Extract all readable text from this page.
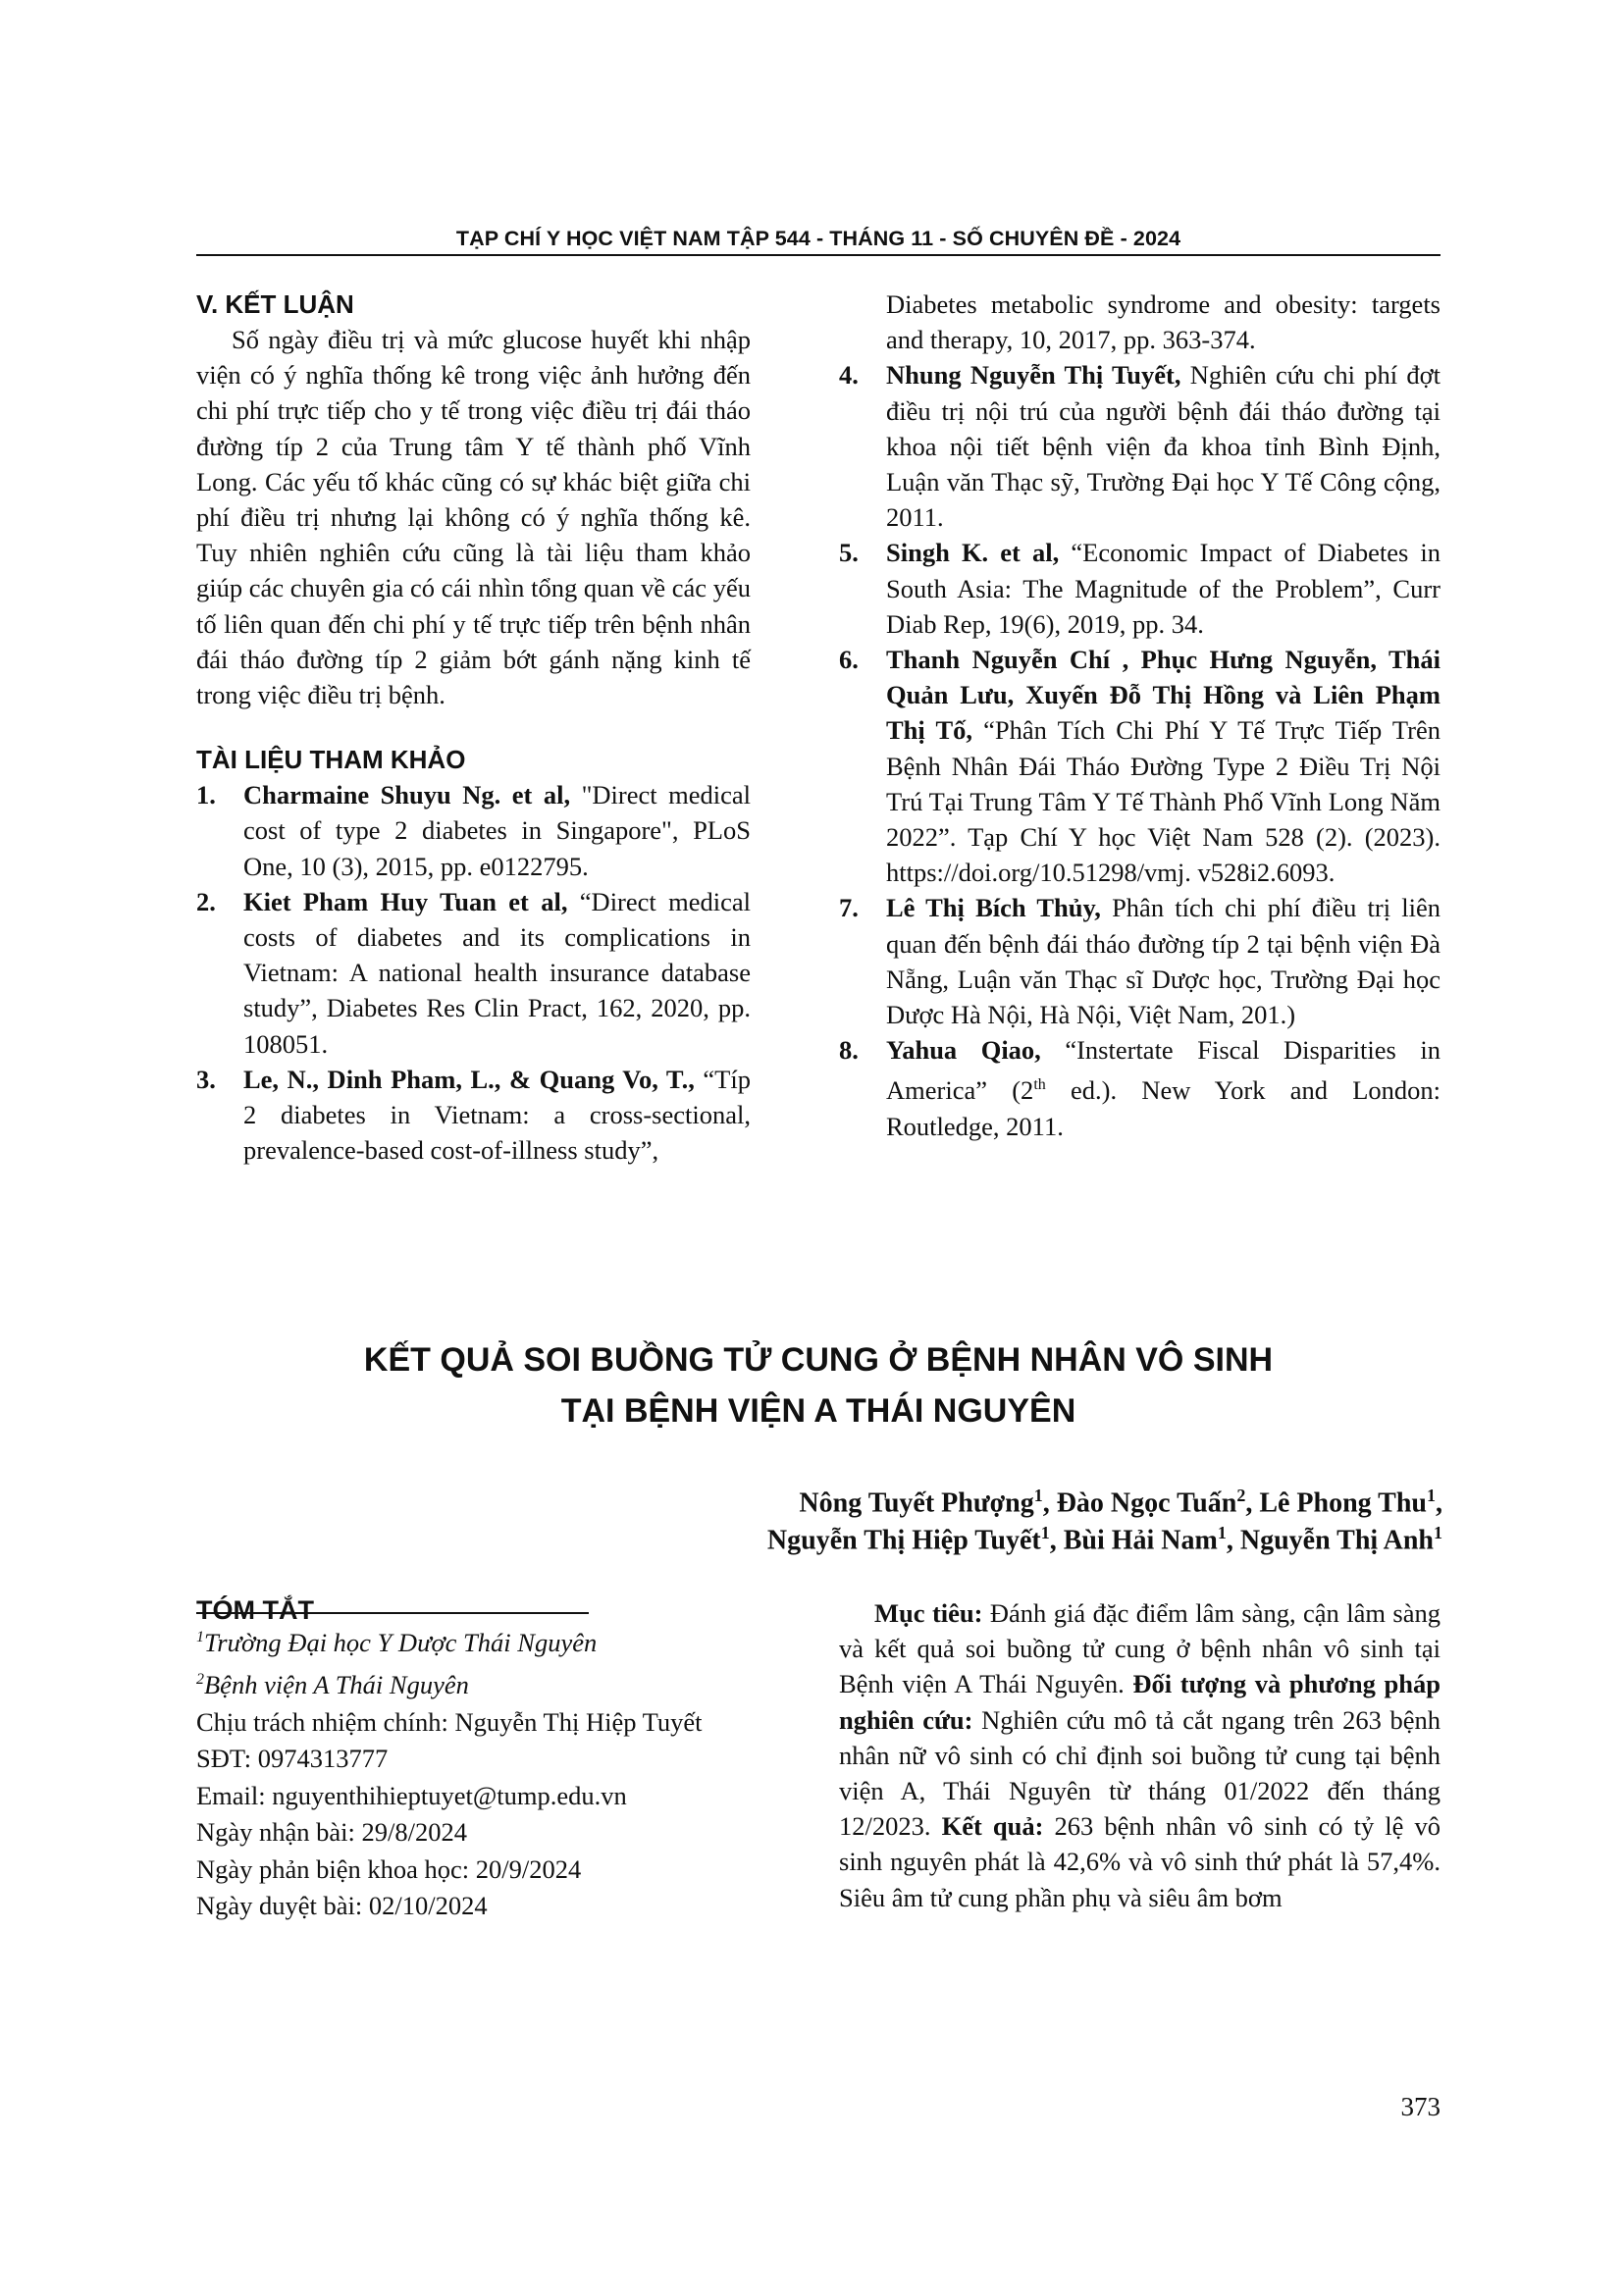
TẠP CHÍ Y HỌC VIỆT NAM TẬP 544 - THÁNG 11 - SỐ CHUYÊN ĐỀ - 2024
V. KẾT LUẬN
Số ngày điều trị và mức glucose huyết khi nhập viện có ý nghĩa thống kê trong việc ảnh hưởng đến chi phí trực tiếp cho y tế trong việc điều trị đái tháo đường típ 2 của Trung tâm Y tế thành phố Vĩnh Long. Các yếu tố khác cũng có sự khác biệt giữa chi phí điều trị nhưng lại không có ý nghĩa thống kê. Tuy nhiên nghiên cứu cũng là tài liệu tham khảo giúp các chuyên gia có cái nhìn tổng quan về các yếu tố liên quan đến chi phí y tế trực tiếp trên bệnh nhân đái tháo đường típ 2 giảm bớt gánh nặng kinh tế trong việc điều trị bệnh.
TÀI LIỆU THAM KHẢO
1. Charmaine Shuyu Ng. et al, "Direct medical cost of type 2 diabetes in Singapore", PLoS One, 10 (3), 2015, pp. e0122795.
2. Kiet Pham Huy Tuan et al, “Direct medical costs of diabetes and its complications in Vietnam: A national health insurance database study”, Diabetes Res Clin Pract, 162, 2020, pp. 108051.
3. Le, N., Dinh Pham, L., & Quang Vo, T., “Típ 2 diabetes in Vietnam: a cross-sectional, prevalence-based cost-of-illness study”,
Diabetes metabolic syndrome and obesity: targets and therapy, 10, 2017, pp. 363-374.
4. Nhung Nguyễn Thị Tuyết, Nghiên cứu chi phí đợt điều trị nội trú của người bệnh đái tháo đường tại khoa nội tiết bệnh viện đa khoa tỉnh Bình Định, Luận văn Thạc sỹ, Trường Đại học Y Tế Công cộng, 2011.
5. Singh K. et al, “Economic Impact of Diabetes in South Asia: The Magnitude of the Problem”, Curr Diab Rep, 19(6), 2019, pp. 34.
6. Thanh Nguyễn Chí , Phục Hưng Nguyễn, Thái Quản Lưu, Xuyến Đỗ Thị Hồng và Liên Phạm Thị Tố, “Phân Tích Chi Phí Y Tế Trực Tiếp Trên Bệnh Nhân Đái Tháo Đường Type 2 Điều Trị Nội Trú Tại Trung Tâm Y Tế Thành Phố Vĩnh Long Năm 2022”. Tạp Chí Y học Việt Nam 528 (2). (2023). https://doi.org/10.51298/vmj. v528i2.6093.
7. Lê Thị Bích Thủy, Phân tích chi phí điều trị liên quan đến bệnh đái tháo đường típ 2 tại bệnh viện Đà Nẵng, Luận văn Thạc sĩ Dược học, Trường Đại học Dược Hà Nội, Hà Nội, Việt Nam, 201.)
8. Yahua Qiao, “Instertate Fiscal Disparities in America” (2th ed.). New York and London: Routledge, 2011.
KẾT QUẢ SOI BUỒNG TỬ CUNG Ở BỆNH NHÂN VÔ SINH
TẠI BỆNH VIỆN A THÁI NGUYÊN
Nông Tuyết Phượng$^1$, Đào Ngọc Tuấn$^2$, Lê Phong Thu$^1$,
Nguyễn Thị Hiệp Tuyết$^1$, Bùi Hải Nam$^1$, Nguyễn Thị Anh$^1$
TÓM TẮT
$^1$Trường Đại học Y Dược Thái Nguyên
$^2$Bệnh viện A Thái Nguyên
Chịu trách nhiệm chính: Nguyễn Thị Hiệp Tuyết
SĐT: 0974313777
Email: nguyenthihieptuyet@tump.edu.vn
Ngày nhận bài: 29/8/2024
Ngày phản biện khoa học: 20/9/2024
Ngày duyệt bài: 02/10/2024
Mục tiêu: Đánh giá đặc điểm lâm sàng, cận lâm sàng và kết quả soi buồng tử cung ở bệnh nhân vô sinh tại Bệnh viện A Thái Nguyên. Đối tượng và phương pháp nghiên cứu: Nghiên cứu mô tả cắt ngang trên 263 bệnh nhân nữ vô sinh có chỉ định soi buồng tử cung tại bệnh viện A, Thái Nguyên từ tháng 01/2022 đến tháng 12/2023. Kết quả: 263 bệnh nhân vô sinh có tỷ lệ vô sinh nguyên phát là 42,6% và vô sinh thứ phát là 57,4%. Siêu âm tử cung phần phụ và siêu âm bơm
373
